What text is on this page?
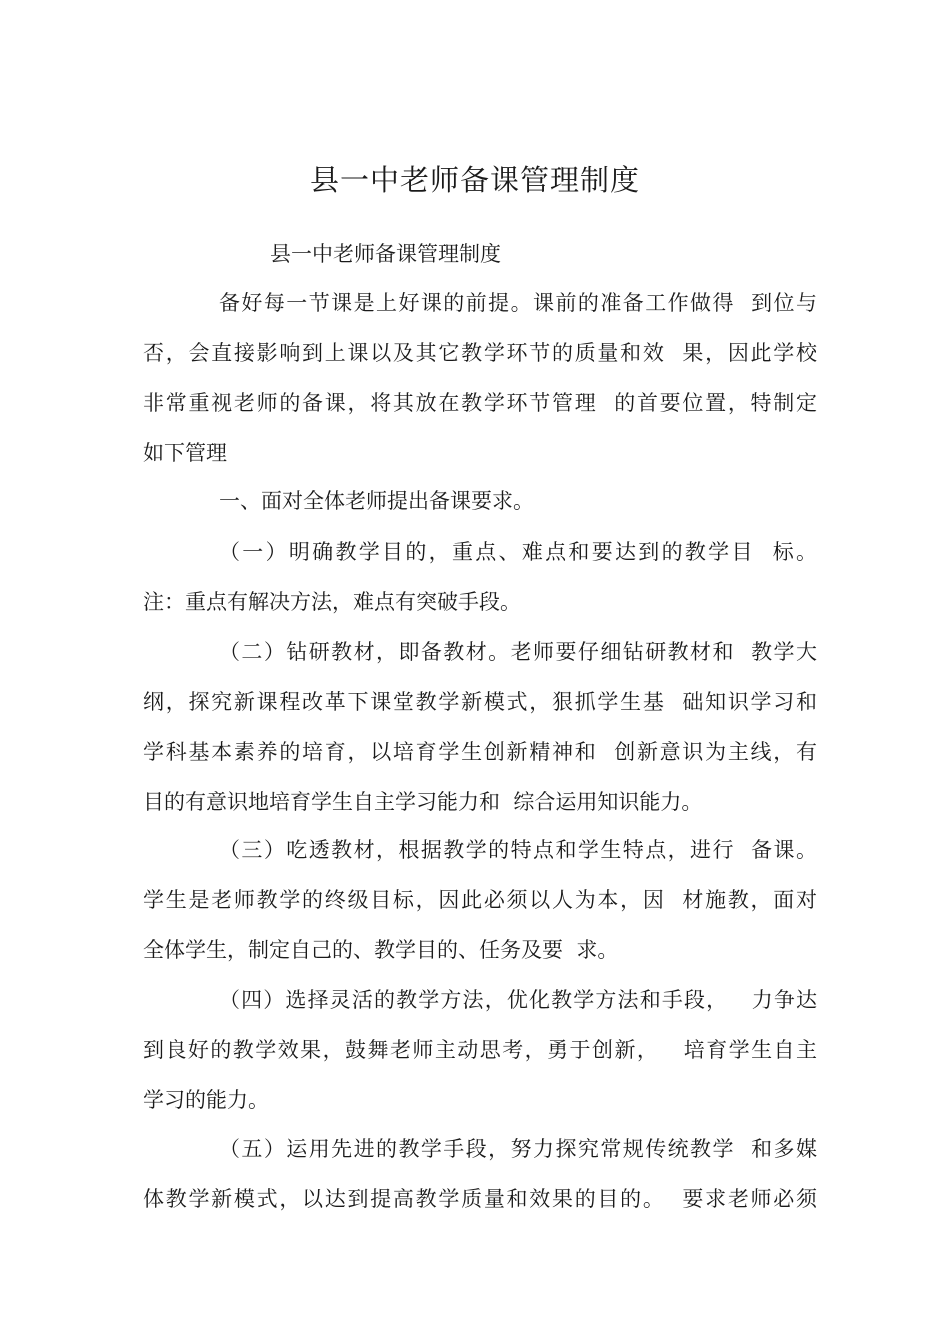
县一中老师备课管理制度
县一中老师备课管理制度
备好每一节课是上好课的前提。课前的准备工作做得  到位与
否，会直接影响到上课以及其它教学环节的质量和效  果，因此学校
非常重视老师的备课，将其放在教学环节管理  的首要位置，特制定
如下管理
一、面对全体老师提出备课要求。
（一）明确教学目的，重点、难点和要达到的教学目  标。
注：重点有解决方法，难点有突破手段。
（二）钻研教材，即备教材。老师要仔细钻研教材和  教学大
纲，探究新课程改革下课堂教学新模式，狠抓学生基  础知识学习和
学科基本素养的培育，以培育学生创新精神和  创新意识为主线，有
目的有意识地培育学生自主学习能力和  综合运用知识能力。
（三）吃透教材，根据教学的特点和学生特点，进行  备课。
学生是老师教学的终级目标，因此必须以人为本，因  材施教，面对
全体学生，制定自己的、教学目的、任务及要  求。
（四）选择灵活的教学方法，优化教学方法和手段，   力争达
到良好的教学效果，鼓舞老师主动思考，勇于创新，   培育学生自主
学习的能力。
（五）运用先进的教学手段，努力探究常规传统教学  和多媒
体教学新模式，以达到提高教学质量和效果的目的。  要求老师必须
